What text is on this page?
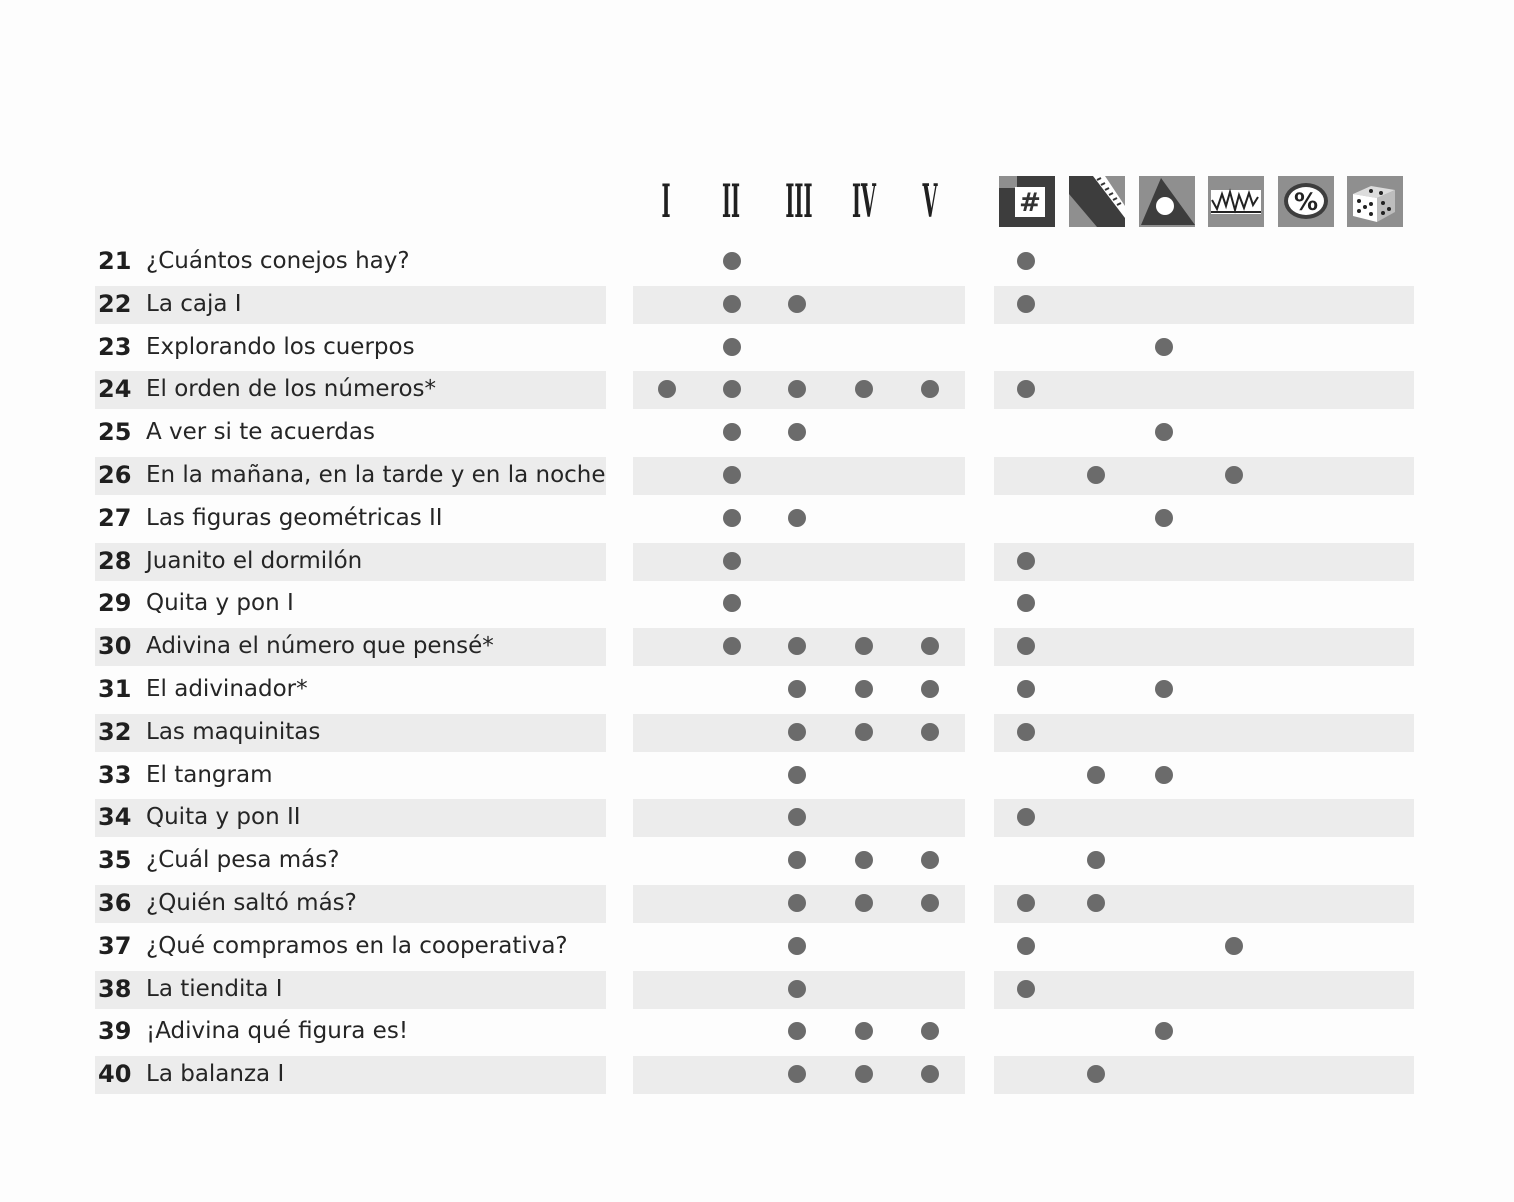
I II III IV V	#	%
21 ¿Cuántos conejos hay?
22 La caja I
23 Explorando los cuerpos
24 El orden de los números*
25 A ver si te acuerdas
26 En la mañana, en la tarde y en la noche
27 Las figuras geométricas II
28 Juanito el dormilón
29 Quita y pon I
30 Adivina el número que pensé*
31 El adivinador*
32 Las maquinitas
33 El tangram
34 Quita y pon II
35 ¿Cuál pesa más?
36 ¿Quién saltó más?
37 ¿Qué compramos en la cooperativa?
38 La tiendita I
39 ¡Adivina qué figura es!
40 La balanza I
